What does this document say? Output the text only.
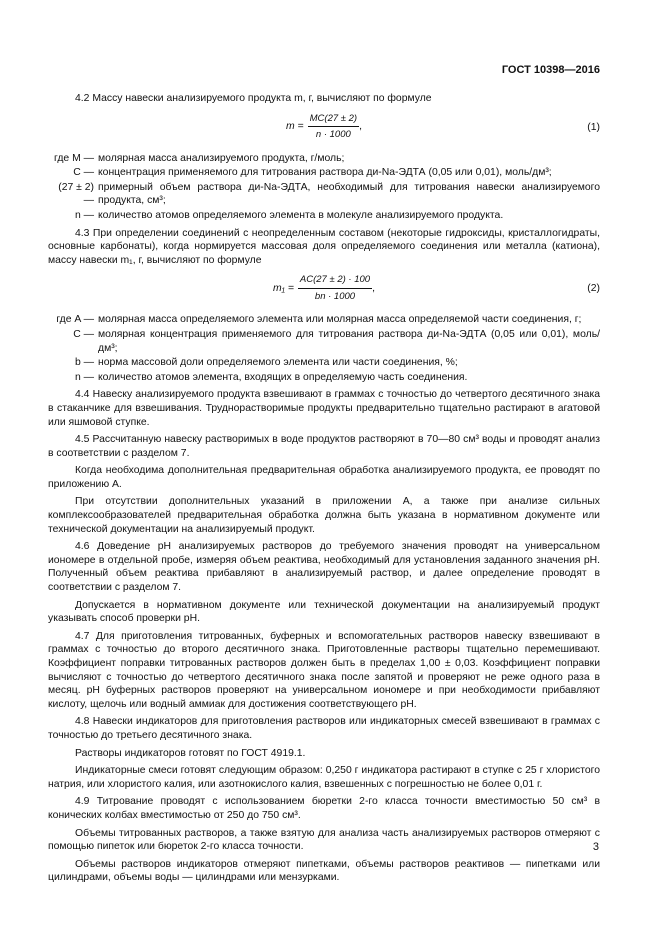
ГОСТ 10398—2016

4.2 Массу навески анализируемого продукта m, г, вычисляют по формуле

$m = \frac{MC(27 \pm 2)}{n \cdot 1000}$ ,	(1)
где M — молярная масса анализируемого продукта, г/моль;
C — концентрация применяемого для титрования раствора ди-Na-ЭДТА (0,05 или 0,01), моль/дм³;
(27 ± 2) —
примерный объем раствора ди-Na-ЭДТА, необходимый для титрования навески анализируемого продукта, см³;
n — количество атомов определяемого элемента в молекуле анализируемого продукта.

4.3 При определении соединений с неопределенным составом (некоторые гидроксиды, кристаллогидраты, основные карбонаты), когда нормируется массовая доля определяемого соединения или металла (катиона), массу навески m₁, г, вычисляют по формуле

$m_1 = \frac{AC(27 \pm 2) \cdot 100}{bn \cdot 1000}$ ,	(2)
где A — молярная масса определяемого элемента или молярная масса определяемой части соединения, г;
C — молярная концентрация применяемого для титрования раствора ди-Na-ЭДТА (0,05 или 0,01), моль/дм³;
b — норма массовой доли определяемого элемента или части соединения, %;
n — количество атомов элемента, входящих в определяемую часть соединения.

4.4 Навеску анализируемого продукта взвешивают в граммах с точностью до четвертого десятичного знака в стаканчике для взвешивания. Труднорастворимые продукты предварительно тщательно растирают в агатовой или яшмовой ступке.

4.5 Рассчитанную навеску растворимых в воде продуктов растворяют в 70—80 см³ воды и проводят анализ в соответствии с разделом 7.

Когда необходима дополнительная предварительная обработка анализируемого продукта, ее проводят по приложению А.

При отсутствии дополнительных указаний в приложении А, а также при анализе сильных комплексообразователей предварительная обработка должна быть указана в нормативном документе или технической документации на анализируемый продукт.

4.6 Доведение pH анализируемых растворов до требуемого значения проводят на универсальном иономере в отдельной пробе, измеряя объем реактива, необходимый для установления заданного значения pH. Полученный объем реактива прибавляют в анализируемый раствор, и далее определение проводят в соответствии с разделом 7.

Допускается в нормативном документе или технической документации на анализируемый продукт указывать способ проверки pH.

4.7 Для приготовления титрованных, буферных и вспомогательных растворов навеску взвешивают в граммах с точностью до второго десятичного знака. Приготовленные растворы тщательно перемешивают. Коэффициент поправки титрованных растворов должен быть в пределах 1,00 ± 0,03. Коэффициент поправки вычисляют с точностью до четвертого десятичного знака после запятой и проверяют не реже одного раза в месяц. pH буферных растворов проверяют на универсальном иономере и при необходимости прибавляют кислоту, щелочь или водный аммиак для достижения соответствующего pH.

4.8 Навески индикаторов для приготовления растворов или индикаторных смесей взвешивают в граммах с точностью до третьего десятичного знака.

Растворы индикаторов готовят по ГОСТ 4919.1.

Индикаторные смеси готовят следующим образом: 0,250 г индикатора растирают в ступке с 25 г хлористого натрия, или хлористого калия, или азотнокислого калия, взвешенных с погрешностью не более 0,01 г.

4.9 Титрование проводят с использованием бюретки 2-го класса точности вместимостью 50 см³ в конических колбах вместимостью от 250 до 750 см³.

Объемы титрованных растворов, а также взятую для анализа часть анализируемых растворов отмеряют с помощью пипеток или бюреток 2-го класса точности.

Объемы растворов индикаторов отмеряют пипетками, объемы растворов реактивов — пипетками или цилиндрами, объемы воды — цилиндрами или мензурками.

3
